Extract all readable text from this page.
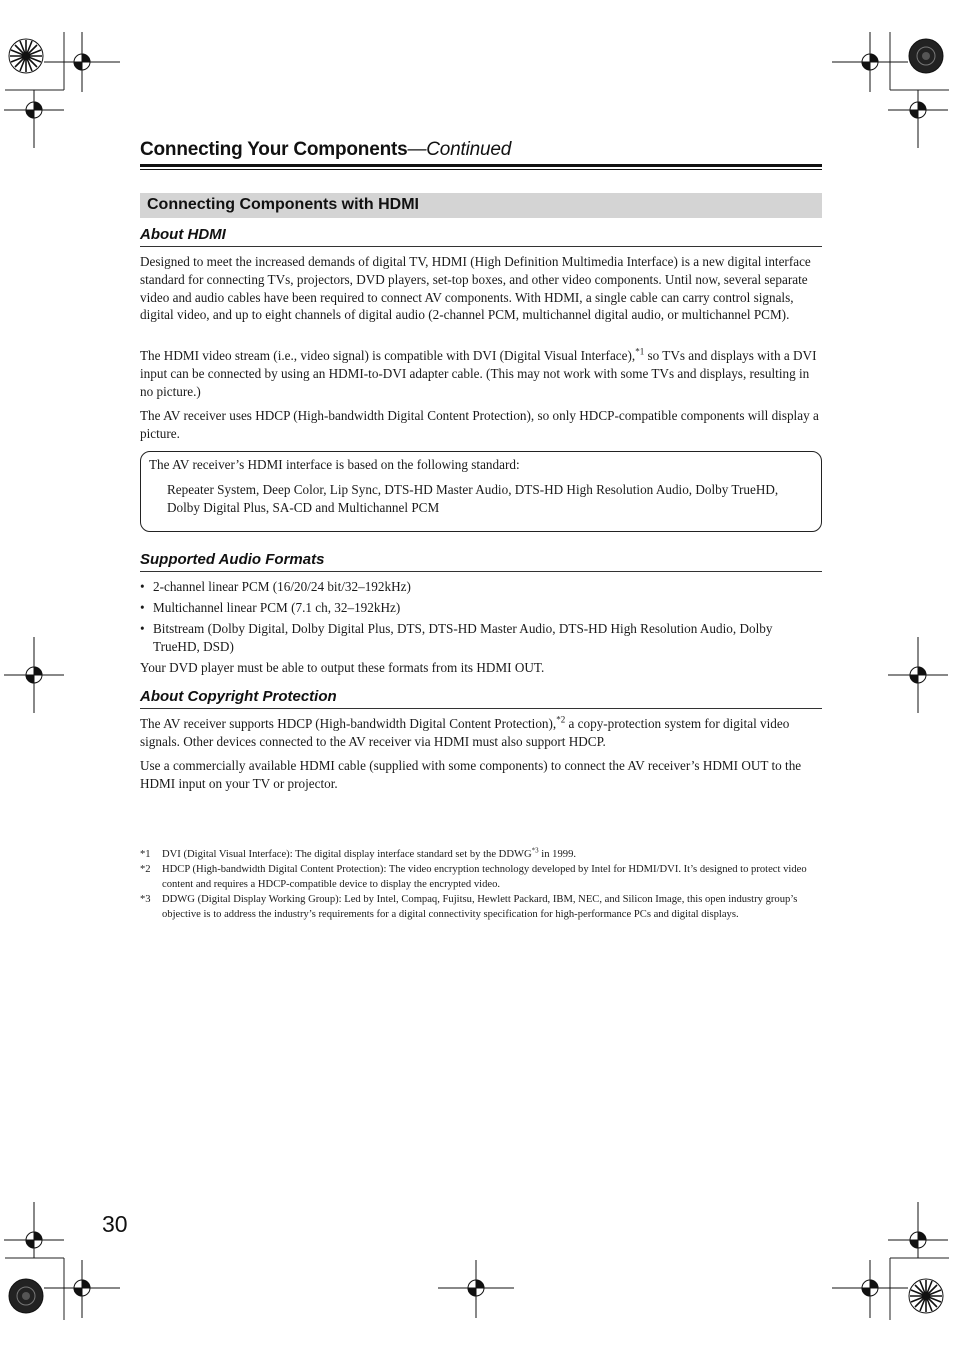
Connecting Your Components—Continued
Connecting Components with HDMI
About HDMI

Designed to meet the increased demands of digital TV, HDMI (High Definition Multimedia Interface) is a new digital interface standard for connecting TVs, projectors, DVD players, set-top boxes, and other video components. Until now, several separate video and audio cables have been required to connect AV components. With HDMI, a single cable can carry control signals, digital video, and up to eight channels of digital audio (2-channel PCM, multichannel digital audio, or multichannel PCM).

The HDMI video stream (i.e., video signal) is compatible with DVI (Digital Visual Interface),$^{*1}$ so TVs and displays with a DVI input can be connected by using an HDMI-to-DVI adapter cable. (This may not work with some TVs and displays, resulting in no picture.)

The AV receiver uses HDCP (High-bandwidth Digital Content Protection), so only HDCP-compatible components will display a picture.

The AV receiver’s HDMI interface is based on the following standard:
Repeater System, Deep Color, Lip Sync, DTS-HD Master Audio, DTS-HD High Resolution Audio, Dolby TrueHD, Dolby Digital Plus, SA-CD and Multichannel PCM
Supported Audio Formats
• 2-channel linear PCM (16/20/24 bit/32–192kHz)
• Multichannel linear PCM (7.1 ch, 32–192kHz)
• Bitstream (Dolby Digital, Dolby Digital Plus, DTS, DTS-HD Master Audio, DTS-HD High Resolution Audio, Dolby TrueHD, DSD)

Your DVD player must be able to output these formats from its HDMI OUT.

About Copyright Protection

The AV receiver supports HDCP (High-bandwidth Digital Content Protection),$^{*2}$ a copy-protection system for digital video signals. Other devices connected to the AV receiver via HDMI must also support HDCP.

Use a commercially available HDMI cable (supplied with some components) to connect the AV receiver’s HDMI OUT to the HDMI input on your TV or projector.

*1 DVI (Digital Visual Interface): The digital display interface standard set by the DDWG$^{*3}$ in 1999.
*2 HDCP (High-bandwidth Digital Content Protection): The video encryption technology developed by Intel for HDMI/DVI. It’s designed to protect video content and requires a HDCP-compatible device to display the encrypted video.
*3 DDWG (Digital Display Working Group): Led by Intel, Compaq, Fujitsu, Hewlett Packard, IBM, NEC, and Silicon Image, this open industry group’s objective is to address the industry’s requirements for a digital connectivity specification for high-performance PCs and digital displays.
30
